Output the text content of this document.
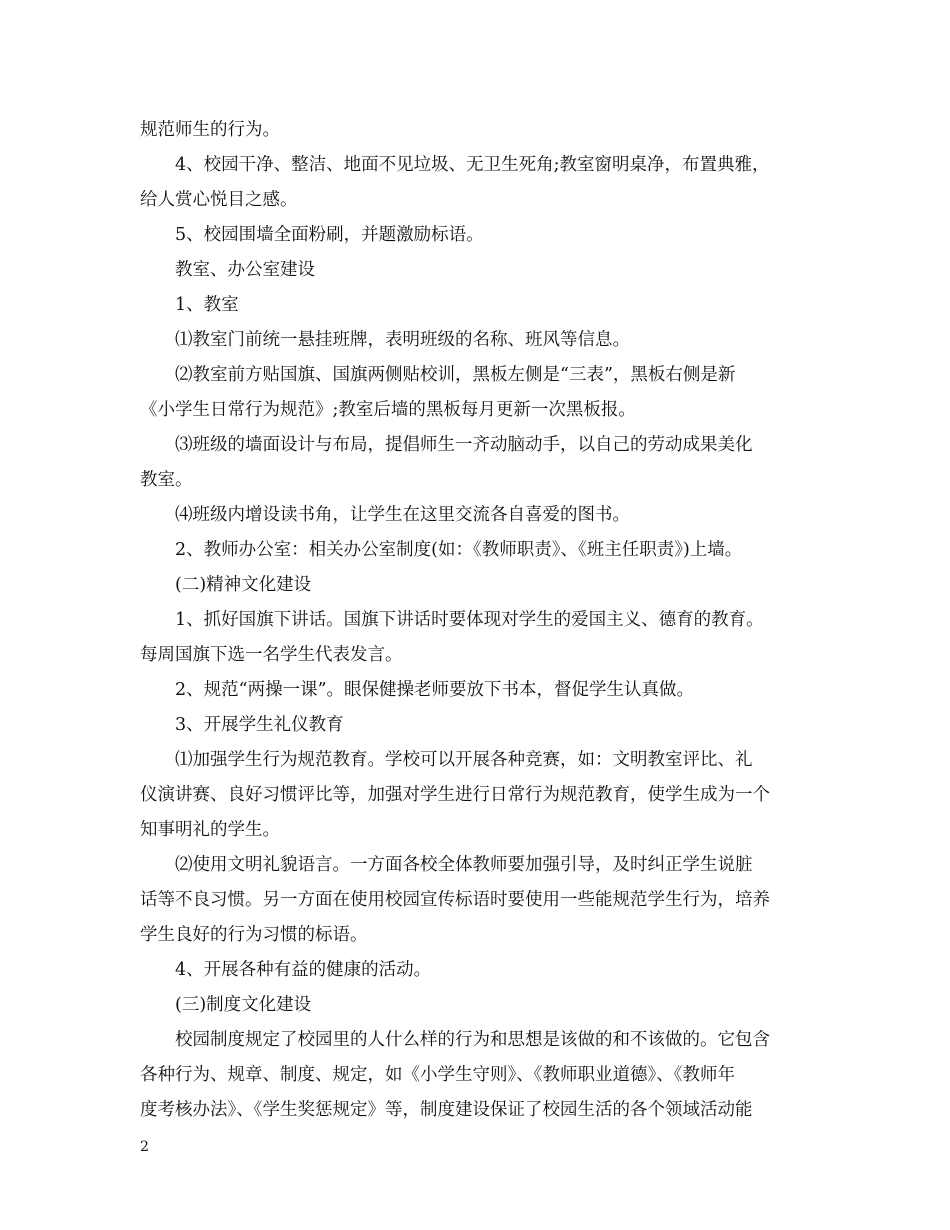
规范师生的行为。
4、校园干净、整洁、地面不见垃圾、无卫生死角;教室窗明桌净，布置典雅，
给人赏心悦目之感。
5、校园围墙全面粉刷，并题激励标语。
教室、办公室建设
1、教室
⑴教室门前统一悬挂班牌，表明班级的名称、班风等信息。
⑵教室前方贴国旗、国旗两侧贴校训，黑板左侧是“三表”，黑板右侧是新
《小学生日常行为规范》;教室后墙的黑板每月更新一次黑板报。
⑶班级的墙面设计与布局，提倡师生一齐动脑动手，以自己的劳动成果美化
教室。
⑷班级内增设读书角，让学生在这里交流各自喜爱的图书。
2、教师办公室：相关办公室制度(如：《教师职责》、《班主任职责》)上墙。
(二)精神文化建设
1、抓好国旗下讲话。国旗下讲话时要体现对学生的爱国主义、德育的教育。
每周国旗下选一名学生代表发言。
2、规范“两操一课”。眼保健操老师要放下书本，督促学生认真做。
3、开展学生礼仪教育
⑴加强学生行为规范教育。学校可以开展各种竞赛，如：文明教室评比、礼
仪演讲赛、良好习惯评比等，加强对学生进行日常行为规范教育，使学生成为一个
知事明礼的学生。
⑵使用文明礼貌语言。一方面各校全体教师要加强引导，及时纠正学生说脏
话等不良习惯。另一方面在使用校园宣传标语时要使用一些能规范学生行为，培养
学生良好的行为习惯的标语。
4、开展各种有益的健康的活动。
(三)制度文化建设
校园制度规定了校园里的人什么样的行为和思想是该做的和不该做的。它包含
各种行为、规章、制度、规定，如《小学生守则》、《教师职业道德》、《教师年
度考核办法》、《学生奖惩规定》等，制度建设保证了校园生活的各个领域活动能
2
